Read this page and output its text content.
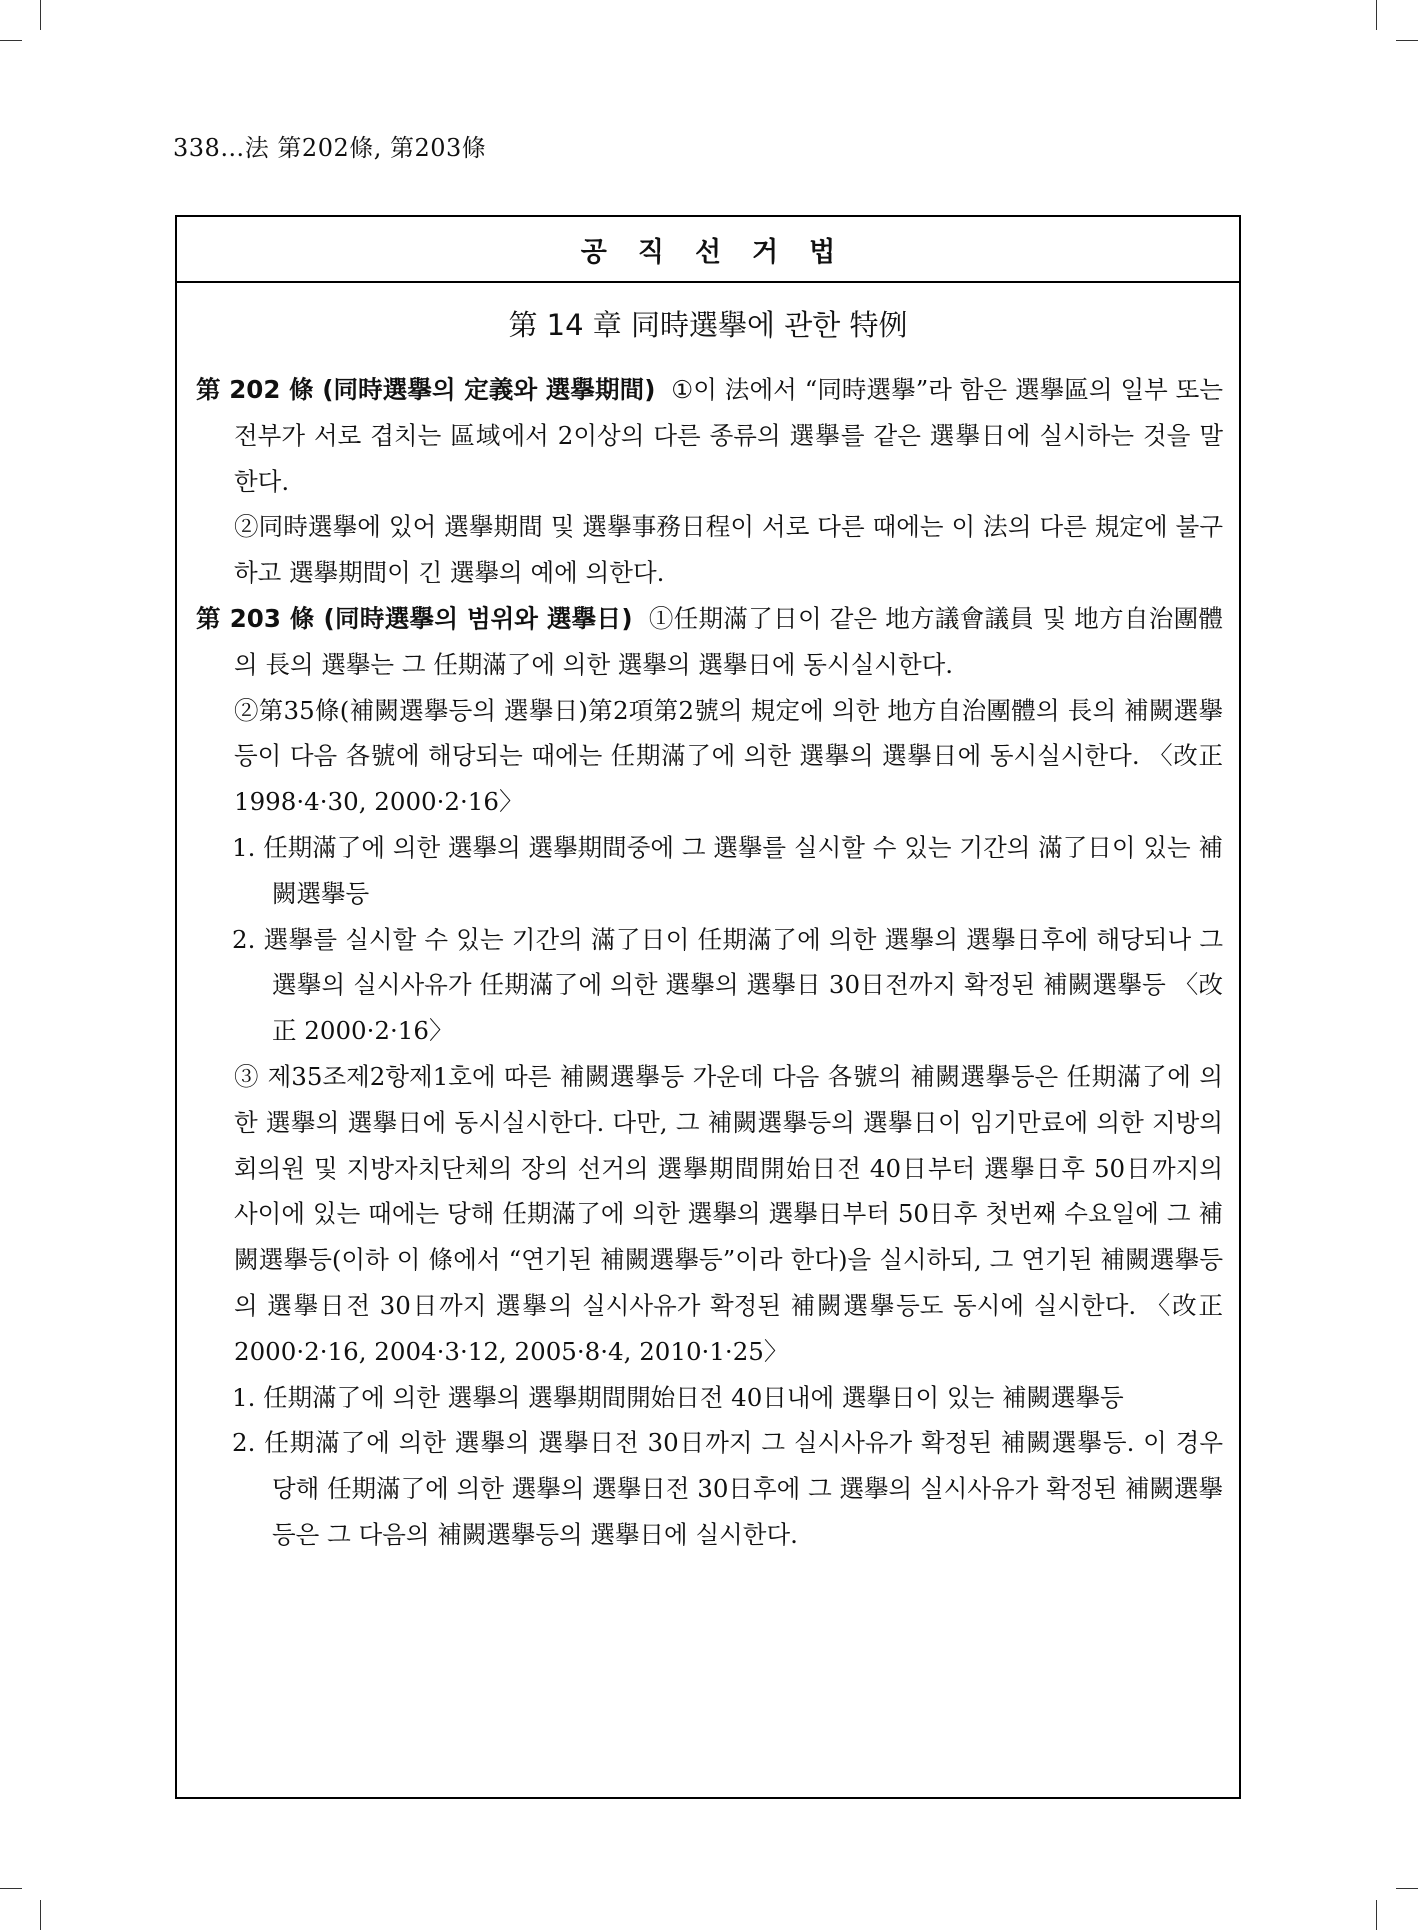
338…法 第202條, 第203條
공직선거법
第 14 章 同時選擧에 관한 特例

第 202 條 (同時選擧의 定義와 選擧期間) ①이 法에서 “同時選擧”라 함은 選擧區의 일부 또는 전부가 서로 겹치는 區域에서 2이상의 다른 종류의 選擧를 같은 選擧日에 실시하는 것을 말한다.

②同時選擧에 있어 選擧期間 및 選擧事務日程이 서로 다른 때에는 이 法의 다른 規定에 불구하고 選擧期間이 긴 選擧의 예에 의한다.

第 203 條 (同時選擧의 범위와 選擧日) ①任期滿了日이 같은 地方議會議員 및 地方自治團體의 長의 選擧는 그 任期滿了에 의한 選擧의 選擧日에 동시실시한다.

②第35條(補闕選擧등의 選擧日)第2項第2號의 規定에 의한 地方自治團體의 長의 補闕選擧등이 다음 各號에 해당되는 때에는 任期滿了에 의한 選擧의 選擧日에 동시실시한다. 〈改正 1998·4·30, 2000·2·16〉

1. 任期滿了에 의한 選擧의 選擧期間중에 그 選擧를 실시할 수 있는 기간의 滿了日이 있는 補闕選擧등

2. 選擧를 실시할 수 있는 기간의 滿了日이 任期滿了에 의한 選擧의 選擧日후에 해당되나 그 選擧의 실시사유가 任期滿了에 의한 選擧의 選擧日 30日전까지 확정된 補闕選擧등 〈改正 2000·2·16〉

③ 제35조제2항제1호에 따른 補闕選擧등 가운데 다음 各號의 補闕選擧등은 任期滿了에 의한 選擧의 選擧日에 동시실시한다. 다만, 그 補闕選擧등의 選擧日이 임기만료에 의한 지방의회의원 및 지방자치단체의 장의 선거의 選擧期間開始日전 40日부터 選擧日후 50日까지의 사이에 있는 때에는 당해 任期滿了에 의한 選擧의 選擧日부터 50日후 첫번째 수요일에 그 補闕選擧등(이하 이 條에서 “연기된 補闕選擧등”이라 한다)을 실시하되, 그 연기된 補闕選擧등의 選擧日전 30日까지 選擧의 실시사유가 확정된 補闕選擧등도 동시에 실시한다. 〈改正 2000·2·16, 2004·3·12, 2005·8·4, 2010·1·25〉

1. 任期滿了에 의한 選擧의 選擧期間開始日전 40日내에 選擧日이 있는 補闕選擧등

2. 任期滿了에 의한 選擧의 選擧日전 30日까지 그 실시사유가 확정된 補闕選擧등. 이 경우 당해 任期滿了에 의한 選擧의 選擧日전 30日후에 그 選擧의 실시사유가 확정된 補闕選擧등은 그 다음의 補闕選擧등의 選擧日에 실시한다.
